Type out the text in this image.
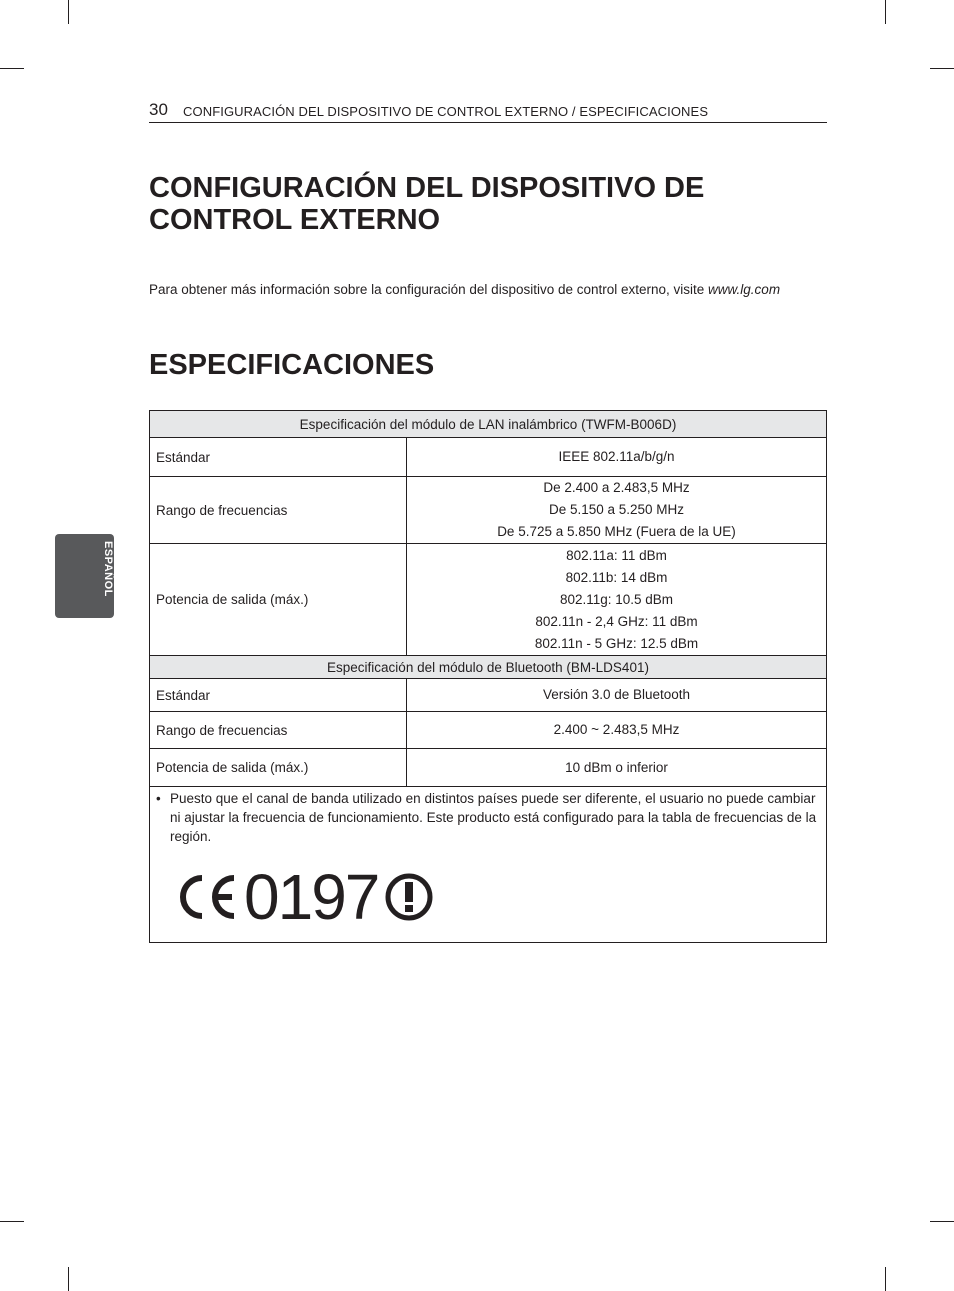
30 CONFIGURACIÓN DEL DISPOSITIVO DE CONTROL EXTERNO / ESPECIFICACIONES
ESPAÑOL
CONFIGURACIÓN DEL DISPOSITIVO DE CONTROL EXTERNO
Para obtener más información sobre la configuración del dispositivo de control externo, visite www.lg.com
ESPECIFICACIONES
Especificación del módulo de LAN inalámbrico (TWFM-B006D)	
Estándar	IEEE 802.11a/b/g/n

Rango de frecuencias	De 2.400 a 2.483,5 MHz
De 5.150 a 5.250 MHz
De 5.725 a 5.850 MHz (Fuera de la UE)

Potencia de salida (máx.)	802.11a: 11 dBm
802.11b: 14 dBm
802.11g: 10.5 dBm
802.11n - 2,4 GHz: 11 dBm
802.11n - 5 GHz: 12.5 dBm

Especificación del módulo de Bluetooth (BM-LDS401)	
Estándar	Versión 3.0 de Bluetooth
Rango de frecuencias	2.400 ~ 2.483,5 MHz
Potencia de salida (máx.)	10 dBm o inferior

• Puesto que el canal de banda utilizado en distintos países puede ser diferente, el usuario no puede cambiar ni ajustar la frecuencia de funcionamiento. Este producto está configurado para la tabla de frecuencias de la región.
0197	
